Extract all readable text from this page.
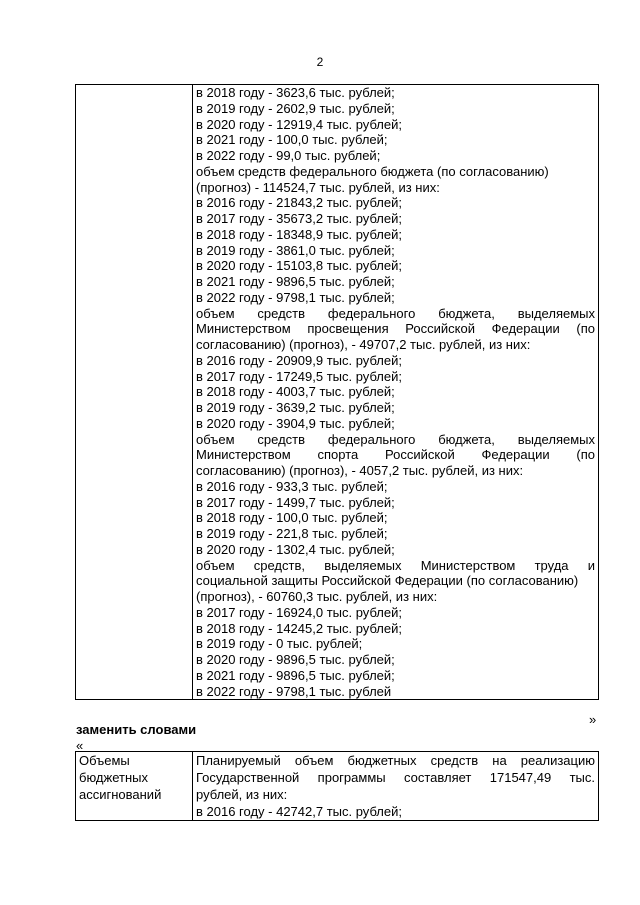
2

в 2018 году - 3623,6 тыс. рублей;
в 2019 году - 2602,9 тыс. рублей;
в 2020 году - 12919,4 тыс. рублей;
в 2021 году - 100,0 тыс. рублей;
в 2022 году - 99,0 тыс. рублей;
объем средств федерального бюджета (по согласованию)
(прогноз) - 114524,7 тыс. рублей, из них:
в 2016 году - 21843,2 тыс. рублей;
в 2017 году - 35673,2 тыс. рублей;
в 2018 году - 18348,9 тыс. рублей;
в 2019 году - 3861,0 тыс. рублей;
в 2020 году - 15103,8 тыс. рублей;
в 2021 году - 9896,5 тыс. рублей;
в 2022 году - 9798,1 тыс. рублей;
объем средств федерального бюджета, выделяемых
Министерством просвещения Российской Федерации (по
согласованию) (прогноз), - 49707,2 тыс. рублей, из них:
в 2016 году - 20909,9 тыс. рублей;
в 2017 году - 17249,5 тыс. рублей;
в 2018 году - 4003,7 тыс. рублей;
в 2019 году - 3639,2 тыс. рублей;
в 2020 году - 3904,9 тыс. рублей;
объем средств федерального бюджета, выделяемых
Министерством спорта Российской Федерации (по
согласованию) (прогноз), - 4057,2 тыс. рублей, из них:
в 2016 году - 933,3 тыс. рублей;
в 2017 году - 1499,7 тыс. рублей;
в 2018 году - 100,0 тыс. рублей;
в 2019 году - 221,8 тыс. рублей;
в 2020 году - 1302,4 тыс. рублей;
объем средств, выделяемых Министерством труда и
социальной защиты Российской Федерации (по согласованию)
(прогноз), - 60760,3 тыс. рублей, из них:
в 2017 году - 16924,0 тыс. рублей;
в 2018 году - 14245,2 тыс. рублей;
в 2019 году - 0 тыс. рублей;
в 2020 году - 9896,5 тыс. рублей;
в 2021 году - 9896,5 тыс. рублей;
в 2022 году - 9798,1 тыс. рублей
»
заменить словами
«
Объемы
бюджетных
ассигнований

Планируемый объем бюджетных средств на реализацию
Государственной программы составляет 171547,49 тыс.
рублей, из них:
в 2016 году - 42742,7 тыс. рублей;
